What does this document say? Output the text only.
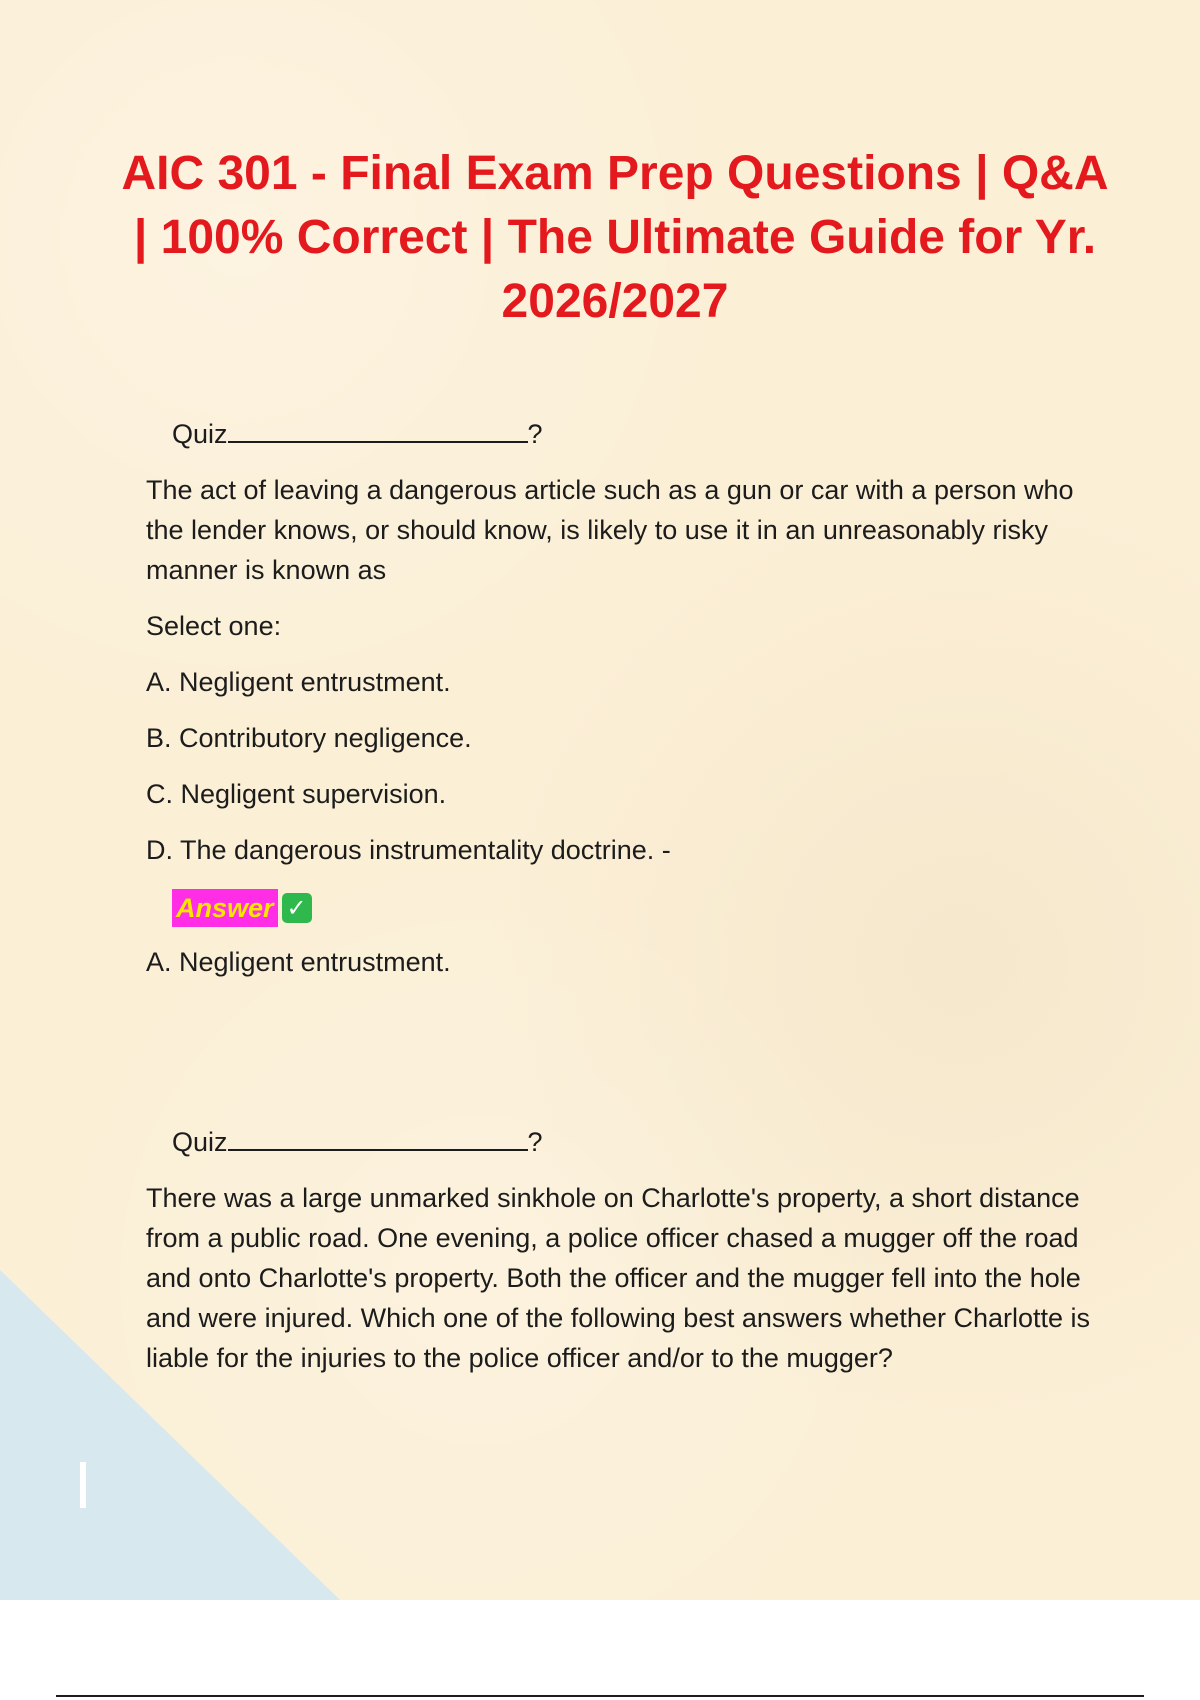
AIC 301 - Final Exam Prep Questions | Q&A | 100% Correct | The Ultimate Guide for Yr. 2026/2027
Quiz	?

The act of leaving a dangerous article such as a gun or car with a person who the lender knows, or should know, is likely to use it in an unreasonably risky manner is known as

Select one:

A. Negligent entrustment.

B. Contributory negligence.

C. Negligent supervision.

D. The dangerous instrumentality doctrine. -

Answer ✓

A. Negligent entrustment.

Quiz	?

There was a large unmarked sinkhole on Charlotte's property, a short distance from a public road. One evening, a police officer chased a mugger off the road and onto Charlotte's property. Both the officer and the mugger fell into the hole and were injured. Which one of the following best answers whether Charlotte is liable for the injuries to the police officer and/or to the mugger?
